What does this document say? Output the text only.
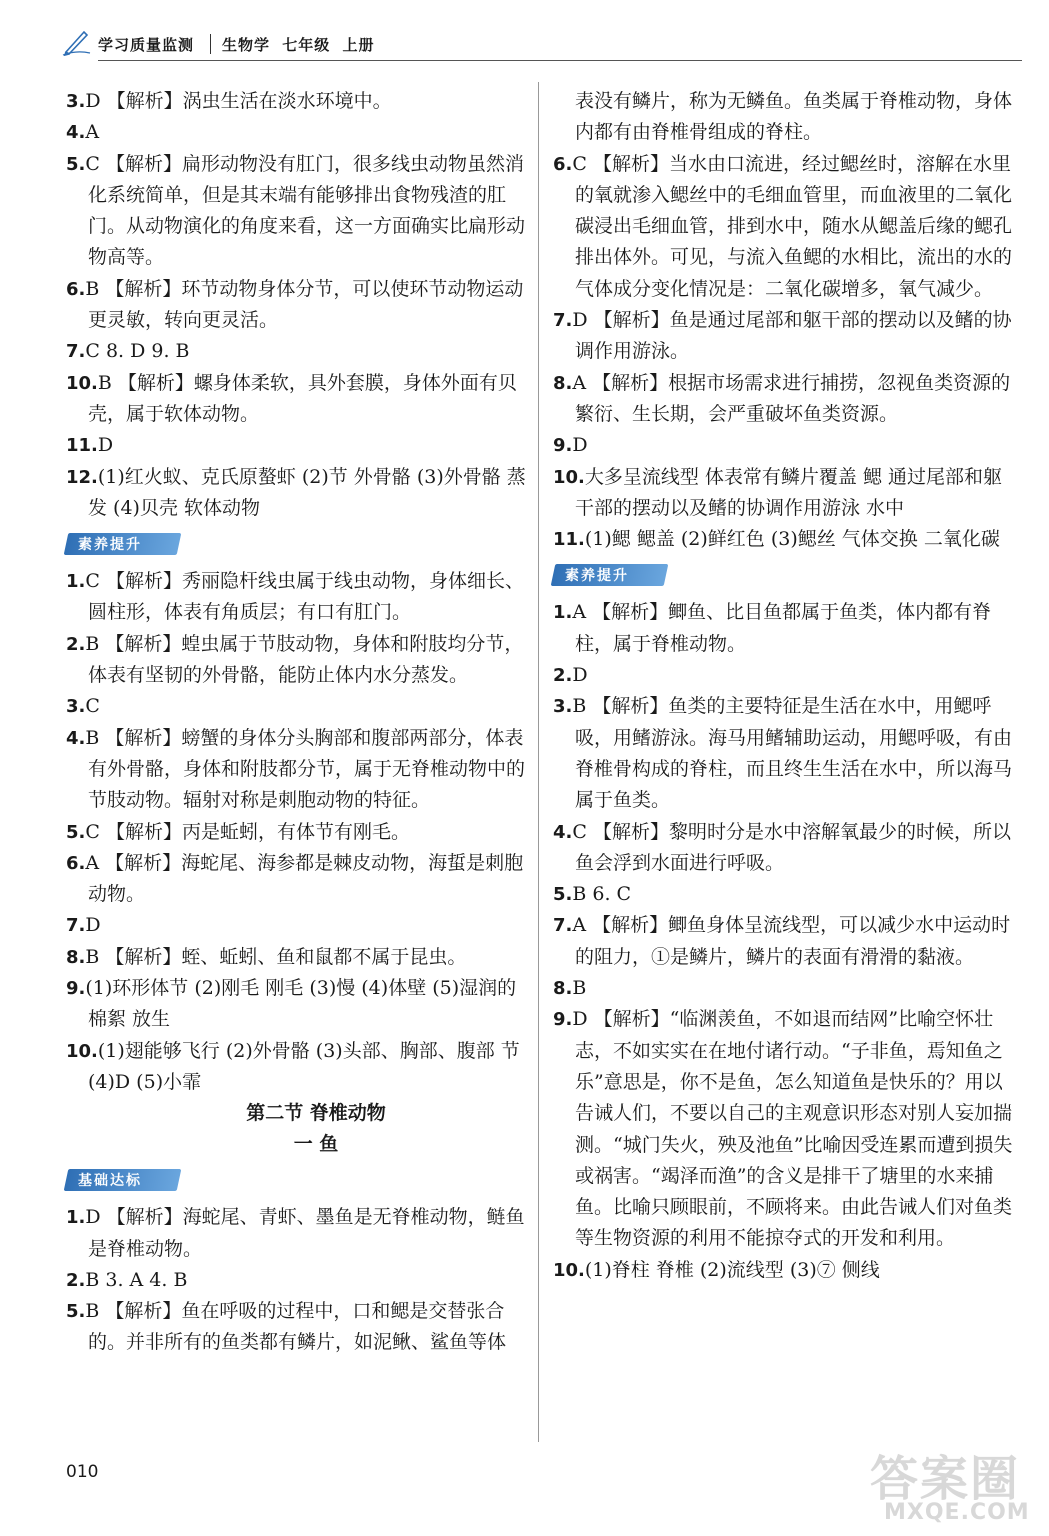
学习质量监测 生物学 七年级 上册

3.D 【解析】涡虫生活在淡水环境中。

4.A

5.C 【解析】扁形动物没有肛门，很多线虫动物虽然消化系统简单，但是其末端有能够排出食物残渣的肛门。从动物演化的角度来看，这一方面确实比扁形动物高等。

6.B 【解析】环节动物身体分节，可以使环节动物运动更灵敏，转向更灵活。

7.C 8. D 9. B

10.B 【解析】螺身体柔软，具外套膜，身体外面有贝壳，属于软体动物。

11.D

12.(1)红火蚁、克氏原螯虾 (2)节 外骨骼 (3)外骨骼 蒸发 (4)贝壳 软体动物

素养提升

1.C 【解析】秀丽隐杆线虫属于线虫动物，身体细长、圆柱形，体表有角质层；有口有肛门。

2.B 【解析】蝗虫属于节肢动物，身体和附肢均分节，体表有坚韧的外骨骼，能防止体内水分蒸发。

3.C

4.B 【解析】螃蟹的身体分头胸部和腹部两部分，体表有外骨骼，身体和附肢都分节，属于无脊椎动物中的节肢动物。辐射对称是刺胞动物的特征。

5.C 【解析】丙是蚯蚓，有体节有刚毛。

6.A 【解析】海蛇尾、海参都是棘皮动物，海蜇是刺胞动物。

7.D

8.B 【解析】蛭、蚯蚓、鱼和鼠都不属于昆虫。

9.(1)环形体节 (2)刚毛 刚毛 (3)慢 (4)体壁 (5)湿润的棉絮 放生

10.(1)翅能够飞行 (2)外骨骼 (3)头部、胸部、腹部 节 (4)D (5)小霏

第二节 脊椎动物

一 鱼

基础达标

1.D 【解析】海蛇尾、青虾、墨鱼是无脊椎动物，鲢鱼是脊椎动物。

2.B 3. A 4. B

5.B 【解析】鱼在呼吸的过程中，口和鳃是交替张合的。并非所有的鱼类都有鳞片，如泥鳅、鲨鱼等体

表没有鳞片，称为无鳞鱼。鱼类属于脊椎动物，身体内都有由脊椎骨组成的脊柱。

6.C 【解析】当水由口流进，经过鳃丝时，溶解在水里的氧就渗入鳃丝中的毛细血管里，而血液里的二氧化碳浸出毛细血管，排到水中，随水从鳃盖后缘的鳃孔排出体外。可见，与流入鱼鳃的水相比，流出的水的气体成分变化情况是：二氧化碳增多，氧气减少。

7.D 【解析】鱼是通过尾部和躯干部的摆动以及鳍的协调作用游泳。

8.A 【解析】根据市场需求进行捕捞，忽视鱼类资源的繁衍、生长期，会严重破坏鱼类资源。

9.D

10.大多呈流线型 体表常有鳞片覆盖 鳃 通过尾部和躯干部的摆动以及鳍的协调作用游泳 水中

11.(1)鳃 鳃盖 (2)鲜红色 (3)鳃丝 气体交换 二氧化碳

素养提升

1.A 【解析】鲫鱼、比目鱼都属于鱼类，体内都有脊柱，属于脊椎动物。

2.D

3.B 【解析】鱼类的主要特征是生活在水中，用鳃呼吸，用鳍游泳。海马用鳍辅助运动，用鳃呼吸，有由脊椎骨构成的脊柱，而且终生生活在水中，所以海马属于鱼类。

4.C 【解析】黎明时分是水中溶解氧最少的时候，所以鱼会浮到水面进行呼吸。

5.B 6. C

7.A 【解析】鲫鱼身体呈流线型，可以减少水中运动时的阻力，①是鳞片，鳞片的表面有滑滑的黏液。

8.B

9.D 【解析】“临渊羡鱼，不如退而结网”比喻空怀壮志，不如实实在在地付诸行动。“子非鱼，焉知鱼之乐”意思是，你不是鱼，怎么知道鱼是快乐的？用以告诫人们，不要以自己的主观意识形态对别人妄加揣测。“城门失火，殃及池鱼”比喻因受连累而遭到损失或祸害。“竭泽而渔”的含义是排干了塘里的水来捕鱼。比喻只顾眼前，不顾将来。由此告诫人们对鱼类等生物资源的利用不能掠夺式的开发和利用。

10.(1)脊柱 脊椎 (2)流线型 (3)⑦ 侧线

010	答案圈
MXQE.COM
